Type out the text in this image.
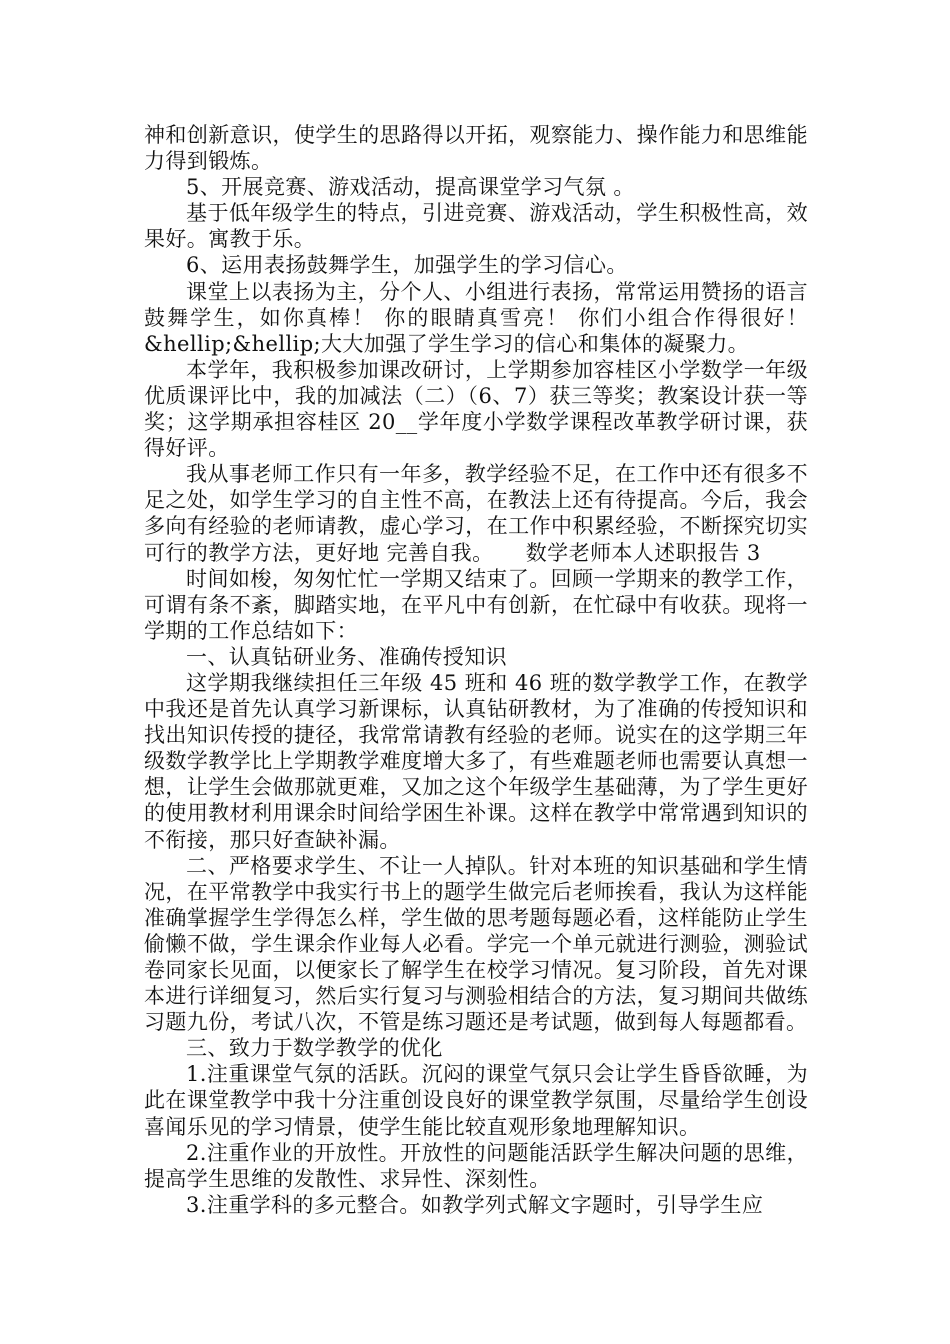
神和创新意识，使学生的思路得以开拓，观察能力、操作能力和思维能力得到锻炼。

5、开展竞赛、游戏活动，提高课堂学习气氛 。

基于低年级学生的特点，引进竞赛、游戏活动，学生积极性高，效果好。寓教于乐。

6、运用表扬鼓舞学生，加强学生的学习信心。

课堂上以表扬为主，分个人、小组进行表扬，常常运用赞扬的语言鼓舞学生，如你真棒！ 你的眼睛真雪亮！ 你们小组合作得很好！&hellip;&hellip;大大加强了学生学习的信心和集体的凝聚力。

本学年，我积极参加课改研讨，上学期参加容桂区小学数学一年级优质课评比中，我的加减法（二）（6、7）获三等奖；教案设计获一等奖；这学期承担容桂区 20__学年度小学数学课程改革教学研讨课，获得好评。

我从事老师工作只有一年多，教学经验不足，在工作中还有很多不足之处，如学生学习的自主性不高，在教法上还有待提高。今后，我会多向有经验的老师请教，虚心学习，在工作中积累经验，不断探究切实可行的教学方法，更好地 完善自我。　　数学老师本人述职报告 3

时间如梭，匆匆忙忙一学期又结束了。回顾一学期来的教学工作，可谓有条不紊，脚踏实地，在平凡中有创新，在忙碌中有收获。现将一学期的工作总结如下：

一、认真钻研业务、准确传授知识

这学期我继续担任三年级 45 班和 46 班的数学教学工作，在教学中我还是首先认真学习新课标，认真钻研教材，为了准确的传授知识和找出知识传授的捷径，我常常请教有经验的老师。说实在的这学期三年级数学教学比上学期教学难度增大多了，有些难题老师也需要认真想一想，让学生会做那就更难，又加之这个年级学生基础薄，为了学生更好的使用教材利用课余时间给学困生补课。这样在教学中常常遇到知识的不衔接，那只好查缺补漏。

二、严格要求学生、不让一人掉队。针对本班的知识基础和学生情况，在平常教学中我实行书上的题学生做完后老师挨看，我认为这样能准确掌握学生学得怎么样，学生做的思考题每题必看，这样能防止学生偷懒不做，学生课余作业每人必看。学完一个单元就进行测验，测验试卷同家长见面，以便家长了解学生在校学习情况。复习阶段，首先对课本进行详细复习，然后实行复习与测验相结合的方法，复习期间共做练习题九份，考试八次，不管是练习题还是考试题，做到每人每题都看。

三、致力于数学教学的优化

1.注重课堂气氛的活跃。沉闷的课堂气氛只会让学生昏昏欲睡，为此在课堂教学中我十分注重创设良好的课堂教学氛围，尽量给学生创设喜闻乐见的学习情景，使学生能比较直观形象地理解知识。

2.注重作业的开放性。开放性的问题能活跃学生解决问题的思维，提高学生思维的发散性、求异性、深刻性。

3.注重学科的多元整合。如教学列式解文字题时，引导学生应
